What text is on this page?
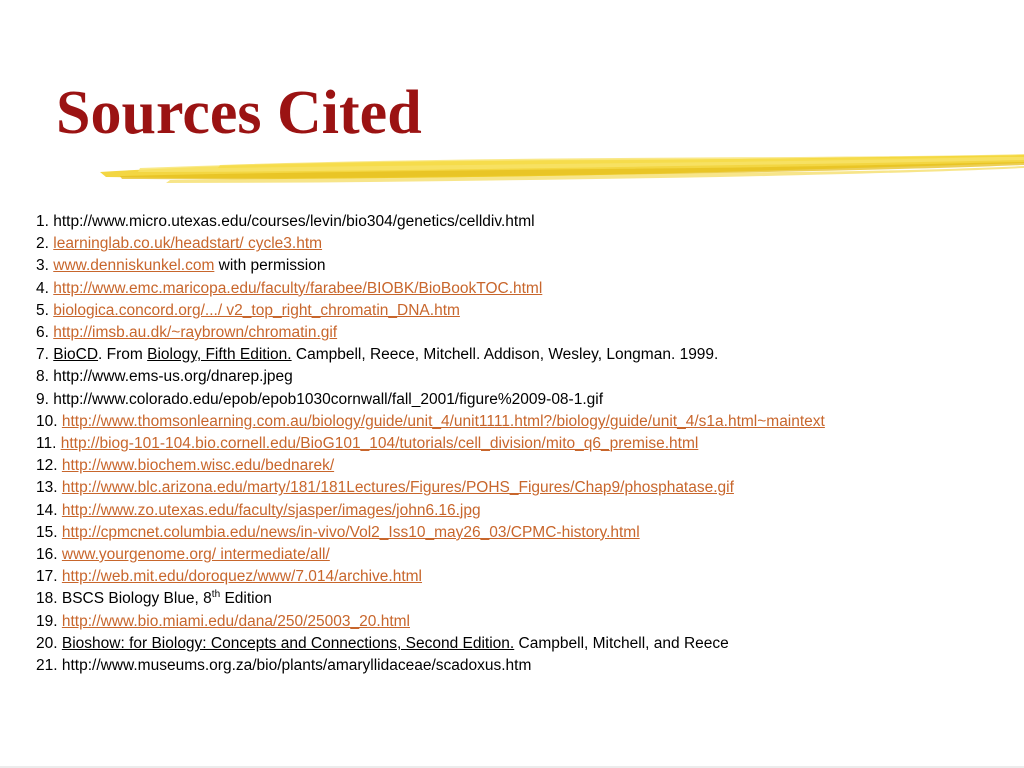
Sources Cited
1. http://www.micro.utexas.edu/courses/levin/bio304/genetics/celldiv.html
2. learninglab.co.uk/headstart/ cycle3.htm
3. www.denniskunkel.com with permission
4. http://www.emc.maricopa.edu/faculty/farabee/BIOBK/BioBookTOC.html
5. biologica.concord.org/.../ v2_top_right_chromatin_DNA.htm
6. http://imsb.au.dk/~raybrown/chromatin.gif
7. BioCD. From Biology, Fifth Edition. Campbell, Reece, Mitchell. Addison, Wesley, Longman. 1999.
8. http://www.ems-us.org/dnarep.jpeg
9. http://www.colorado.edu/epob/epob1030cornwall/fall_2001/figure%2009-08-1.gif
10. http://www.thomsonlearning.com.au/biology/guide/unit_4/unit1111.html?/biology/guide/unit_4/s1a.html~maintext
11. http://biog-101-104.bio.cornell.edu/BioG101_104/tutorials/cell_division/mito_q6_premise.html
12. http://www.biochem.wisc.edu/bednarek/
13. http://www.blc.arizona.edu/marty/181/181Lectures/Figures/POHS_Figures/Chap9/phosphatase.gif
14. http://www.zo.utexas.edu/faculty/sjasper/images/john6.16.jpg
15. http://cpmcnet.columbia.edu/news/in-vivo/Vol2_Iss10_may26_03/CPMC-history.html
16. www.yourgenome.org/ intermediate/all/
17. http://web.mit.edu/doroquez/www/7.014/archive.html
18. BSCS Biology Blue, 8th Edition
19. http://www.bio.miami.edu/dana/250/25003_20.html
20. Bioshow: for Biology: Concepts and Connections, Second Edition. Campbell, Mitchell, and Reece
21. http://www.museums.org.za/bio/plants/amaryllidaceae/scadoxus.htm
